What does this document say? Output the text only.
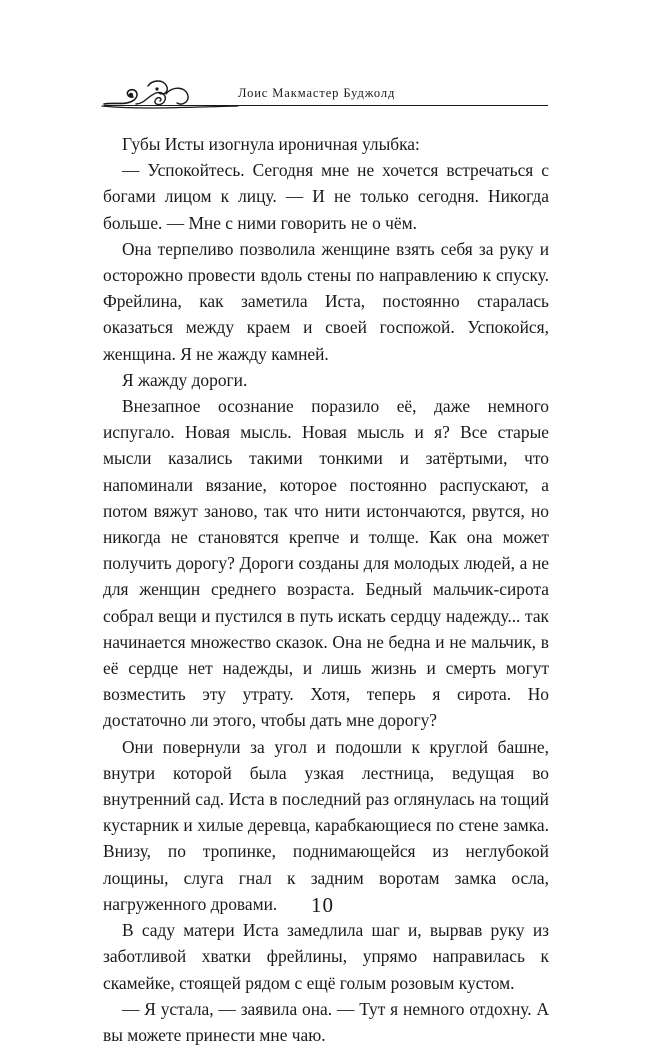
Лоис Макмастер Буджолд

Губы Исты изогнула ироничная улыбка:

— Успокойтесь. Сегодня мне не хочется встречаться с богами лицом к лицу. — И не только сегодня. Никогда больше. — Мне с ними говорить не о чём.

Она терпеливо позволила женщине взять себя за руку и осторожно провести вдоль стены по направлению к спуску. Фрейлина, как заметила Иста, постоянно старалась оказаться между краем и своей госпожой. Успокойся, женщина. Я не жажду камней.

Я жажду дороги.

Внезапное осознание поразило её, даже немного испугало. Новая мысль. Новая мысль и я? Все старые мысли казались такими тонкими и затёртыми, что напоминали вязание, которое постоянно распускают, а потом вяжут заново, так что нити истончаются, рвутся, но никогда не становятся крепче и толще. Как она может получить дорогу? Дороги созданы для молодых людей, а не для женщин среднего возраста. Бедный мальчик-сирота собрал вещи и пустился в путь искать сердцу надежду... так начинается множество сказок. Она не бедна и не мальчик, в её сердце нет надежды, и лишь жизнь и смерть могут возместить эту утрату. Хотя, теперь я сирота. Но достаточно ли этого, чтобы дать мне дорогу?

Они повернули за угол и подошли к круглой башне, внутри которой была узкая лестница, ведущая во внутренний сад. Иста в последний раз оглянулась на тощий кустарник и хилые деревца, карабкающиеся по стене замка. Внизу, по тропинке, поднимающейся из неглубокой лощины, слуга гнал к задним воротам замка осла, нагруженного дровами.

В саду матери Иста замедлила шаг и, вырвав руку из заботливой хватки фрейлины, упрямо направилась к скамейке, стоящей рядом с ещё голым розовым кустом.

— Я устала, — заявила она. — Тут я немного отдохну. А вы можете принести мне чаю.

10
